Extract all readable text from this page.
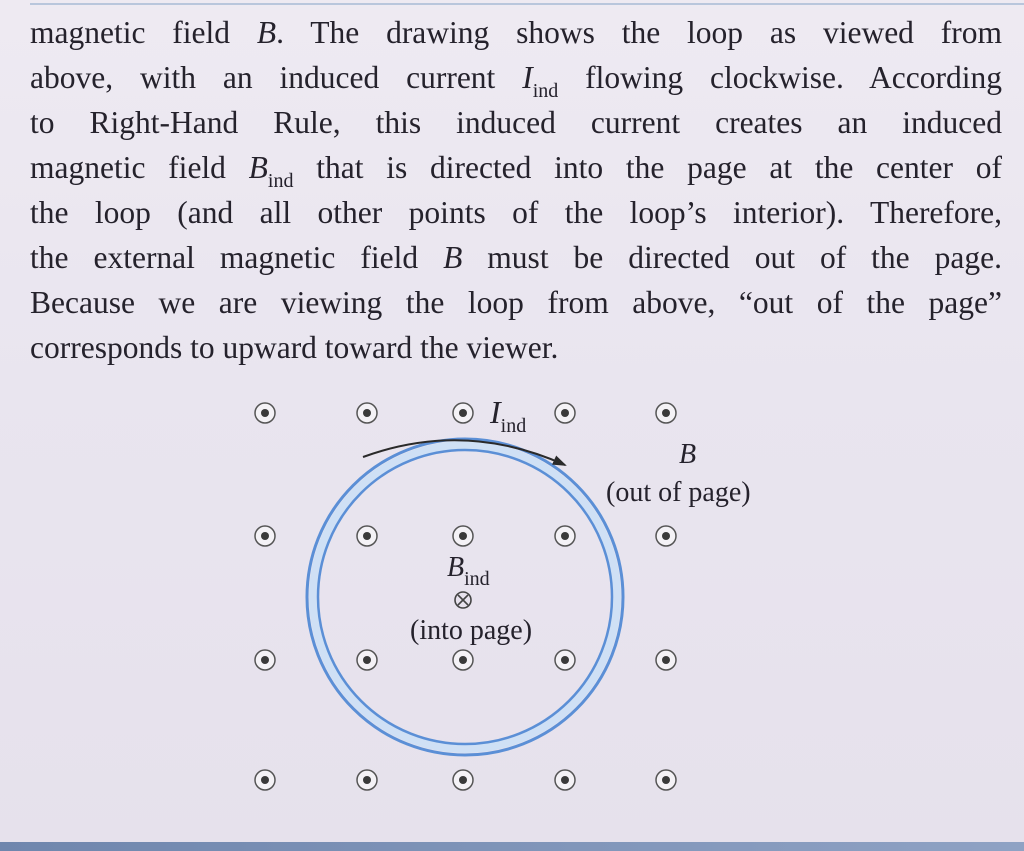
magnetic field B. The drawing shows the loop as viewed from
above, with an induced current $I_{ind}$ flowing clockwise. According
to Right-Hand Rule, this induced current creates an induced
magnetic field $B_{ind}$ that is directed into the page at the center of
the loop (and all other points of the loop’s interior). Therefore,
the external magnetic field B must be directed out of the page.
Because we are viewing the loop from above, “out of the page”
corresponds to upward toward the viewer.
$I_{ind}$
B
(out of page)
$B_{ind}$
(into page)
